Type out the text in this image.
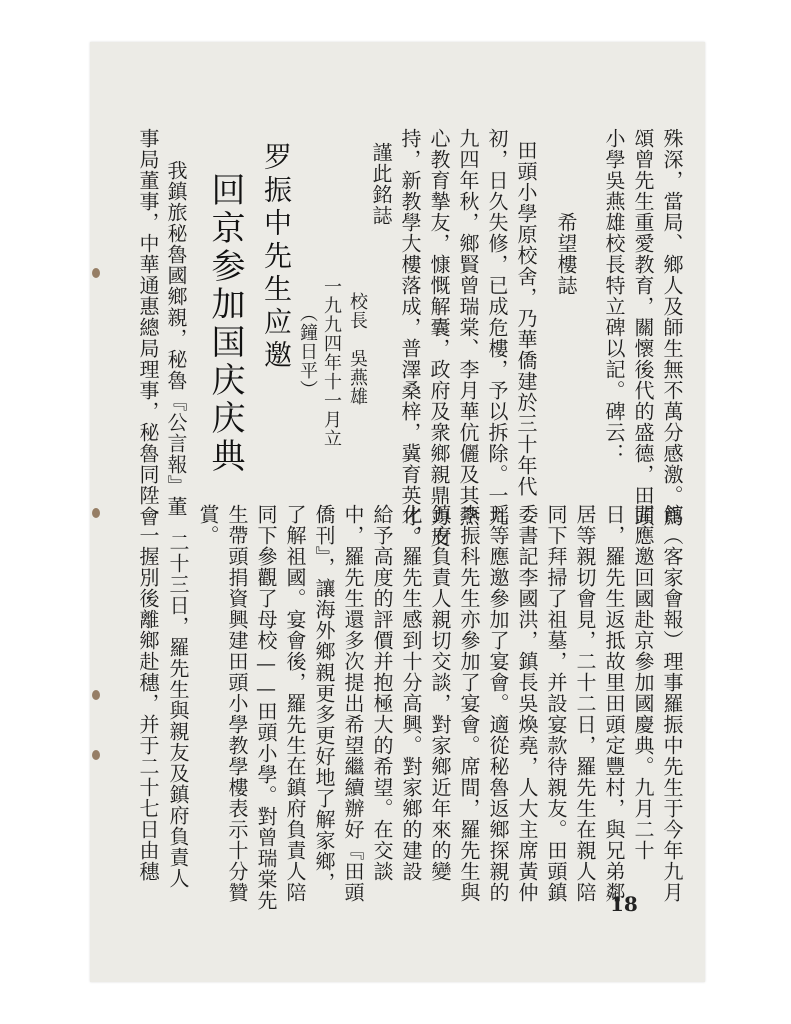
殊深，當局、鄉人及師生無不萬分感激。爲
頌曾先生重愛教育，關懷後代的盛德，田頭
小學吳燕雄校長特立碑以記。碑云：
希望樓誌
田頭小學原校舍，乃華僑建於三十年代
初，日久失修，已成危樓，予以拆除。一九
九四年秋，鄉賢曾瑞棠、李月華伉儷及其熱
心教育摯友，慷慨解囊，政府及衆鄉親鼎力支
持，新教學大樓落成，普澤桑梓，冀育英才。
謹此銘誌
校長　吳燕雄
一九九四年十一月立
（鐘日平）
罗振中先生应邀
回京参加国庆庆典
我鎮旅秘魯國鄉親，秘魯『公言報』董
事局董事，中華通惠總局理事，秘魯同陞會
館（客家會報）理事羅振中先生于今年九月
間應邀回國赴京參加國慶典。九月二十
日，羅先生返抵故里田頭定豐村，與兄弟鄰
居等親切會見，二十二日，羅先生在親人陪
同下拜掃了祖墓，并設宴款待親友。田頭鎮
委書記李國洪，鎮長吳煥堯，人大主席黃仲
瑶等應邀參加了宴會。適從秘魯返鄉探親的
李振科先生亦參加了宴會。席間，羅先生與
鎮府負責人親切交談，對家鄉近年來的變
化，羅先生感到十分高興。對家鄉的建設
給予高度的評價并抱極大的希望。在交談
中，羅先生還多次提出希望繼續辦好『田頭
僑刊』，讓海外鄉親更多更好地了解家鄉，
了解祖國。宴會後，羅先生在鎮府負責人陪
同下參觀了母校——田頭小學。對曾瑞棠先
生帶頭捐資興建田頭小學教學樓表示十分贊
賞。
二十三日，羅先生與親友及鎮府負責人
一一握別後離鄉赴穗，并于二十七日由穗
18
